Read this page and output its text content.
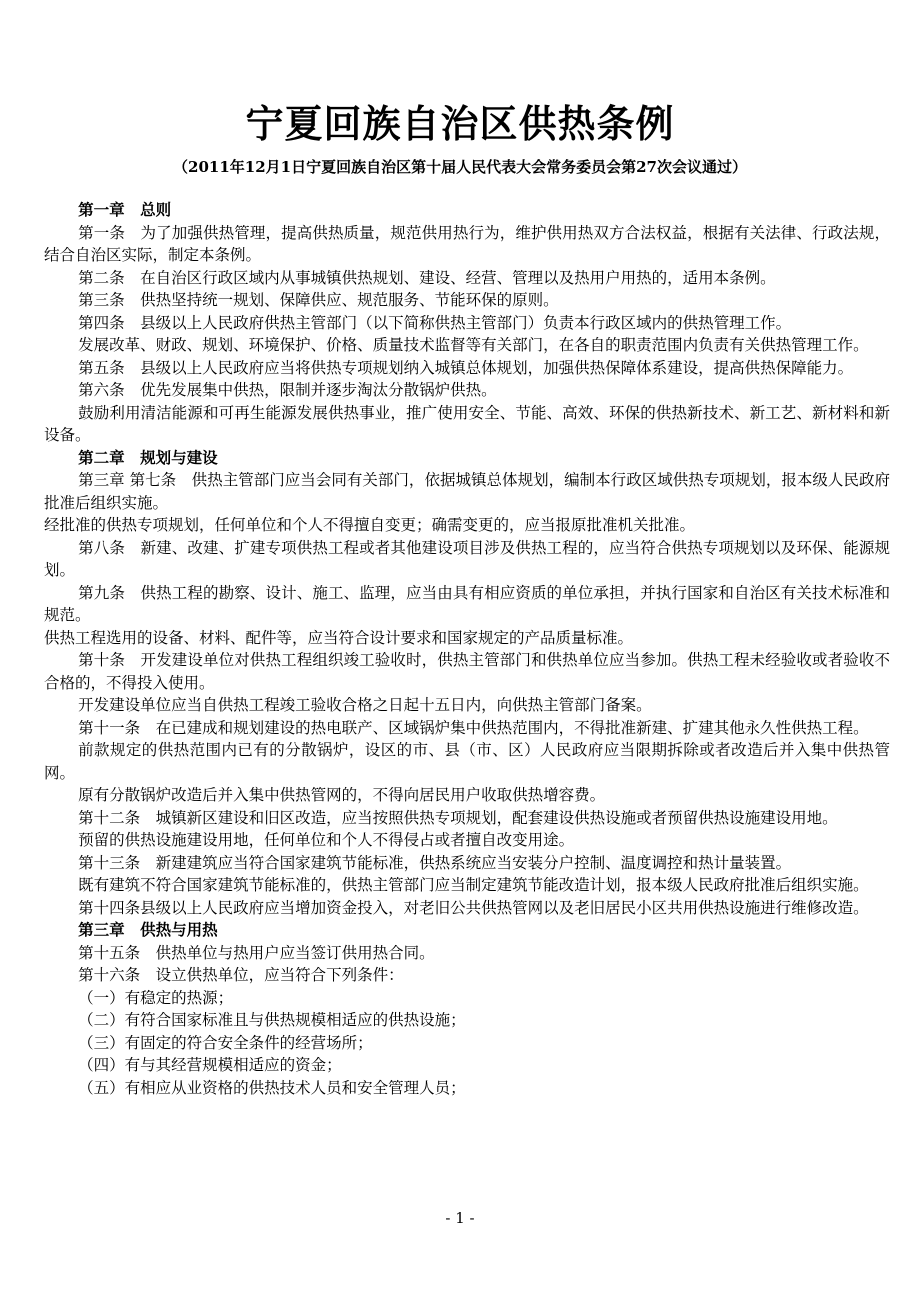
宁夏回族自治区供热条例
（2011年12月1日宁夏回族自治区第十届人民代表大会常务委员会第27次会议通过）

第一章　总则

第一条　为了加强供热管理，提高供热质量，规范供用热行为，维护供用热双方合法权益，根据有关法律、行政法规，结合自治区实际，制定本条例。

第二条　在自治区行政区域内从事城镇供热规划、建设、经营、管理以及热用户用热的，适用本条例。

第三条　供热坚持统一规划、保障供应、规范服务、节能环保的原则。

第四条　县级以上人民政府供热主管部门（以下简称供热主管部门）负责本行政区域内的供热管理工作。

发展改革、财政、规划、环境保护、价格、质量技术监督等有关部门，在各自的职责范围内负责有关供热管理工作。

第五条　县级以上人民政府应当将供热专项规划纳入城镇总体规划，加强供热保障体系建设，提高供热保障能力。

第六条　优先发展集中供热，限制并逐步淘汰分散锅炉供热。

鼓励利用清洁能源和可再生能源发展供热事业，推广使用安全、节能、高效、环保的供热新技术、新工艺、新材料和新设备。

第二章　规划与建设

第三章 第七条　供热主管部门应当会同有关部门，依据城镇总体规划，编制本行政区域供热专项规划，报本级人民政府批准后组织实施。

经批准的供热专项规划，任何单位和个人不得擅自变更；确需变更的，应当报原批准机关批准。

第八条　新建、改建、扩建专项供热工程或者其他建设项目涉及供热工程的，应当符合供热专项规划以及环保、能源规划。

第九条　供热工程的勘察、设计、施工、监理，应当由具有相应资质的单位承担，并执行国家和自治区有关技术标准和规范。

供热工程选用的设备、材料、配件等，应当符合设计要求和国家规定的产品质量标准。

第十条　开发建设单位对供热工程组织竣工验收时，供热主管部门和供热单位应当参加。供热工程未经验收或者验收不合格的，不得投入使用。

开发建设单位应当自供热工程竣工验收合格之日起十五日内，向供热主管部门备案。

第十一条　在已建成和规划建设的热电联产、区域锅炉集中供热范围内，不得批准新建、扩建其他永久性供热工程。

前款规定的供热范围内已有的分散锅炉，设区的市、县（市、区）人民政府应当限期拆除或者改造后并入集中供热管网。

原有分散锅炉改造后并入集中供热管网的，不得向居民用户收取供热增容费。

第十二条　城镇新区建设和旧区改造，应当按照供热专项规划，配套建设供热设施或者预留供热设施建设用地。

预留的供热设施建设用地，任何单位和个人不得侵占或者擅自改变用途。

第十三条　新建建筑应当符合国家建筑节能标准，供热系统应当安装分户控制、温度调控和热计量装置。

既有建筑不符合国家建筑节能标准的，供热主管部门应当制定建筑节能改造计划，报本级人民政府批准后组织实施。

第十四条县级以上人民政府应当增加资金投入，对老旧公共供热管网以及老旧居民小区共用供热设施进行维修改造。

第三章　供热与用热

第十五条　供热单位与热用户应当签订供用热合同。

第十六条　设立供热单位，应当符合下列条件：

（一）有稳定的热源；

（二）有符合国家标准且与供热规模相适应的供热设施；

（三）有固定的符合安全条件的经营场所；

（四）有与其经营规模相适应的资金；

（五）有相应从业资格的供热技术人员和安全管理人员；

- 1 -
